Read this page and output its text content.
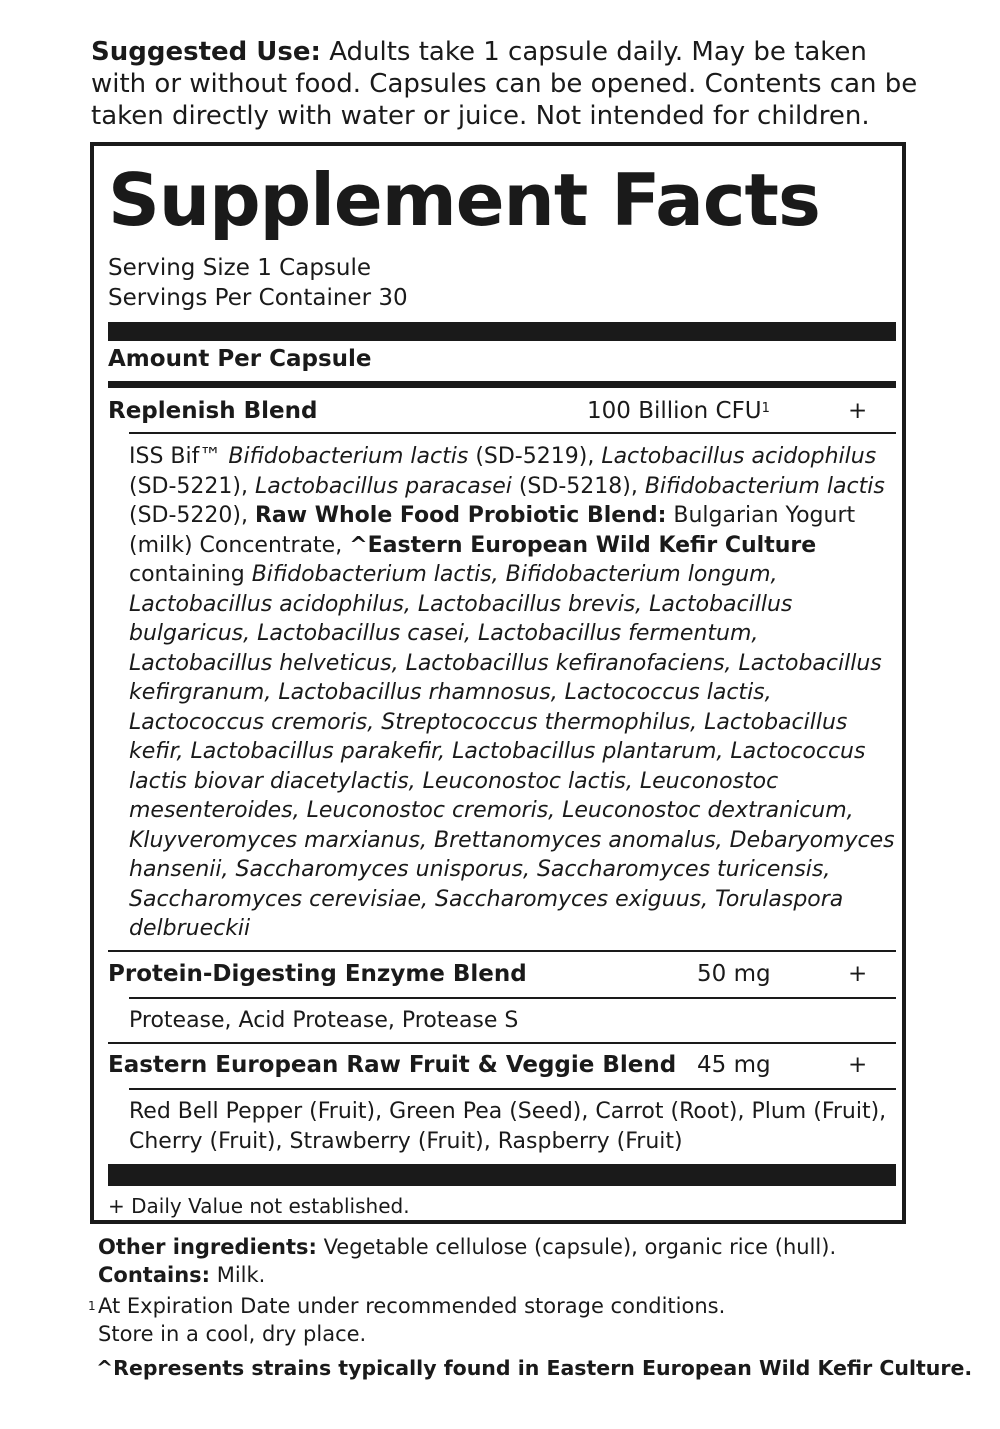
Suggested Use: Adults take 1 capsule daily. May be taken with or without food. Capsules can be opened. Contents can be taken directly with water or juice. Not intended for children.
Supplement Facts
Serving Size 1 Capsule
Servings Per Container 30
Amount Per Capsule
Replenish Blend	100 Billion $CFU^1$	+
ISS Bif™ Bifidobacterium lactis (SD-5219), Lactobacillus acidophilus (SD-5221), Lactobacillus paracasei (SD-5218), Bifidobacterium lactis (SD-5220), Raw Whole Food Probiotic Blend: Bulgarian Yogurt (milk) Concentrate, ^Eastern European Wild Kefir Culture containing Bifidobacterium lactis, Bifidobacterium longum, Lactobacillus acidophilus, Lactobacillus brevis, Lactobacillus bulgaricus, Lactobacillus casei, Lactobacillus fermentum, Lactobacillus helveticus, Lactobacillus kefiranofaciens, Lactobacillus kefirgranum, Lactobacillus rhamnosus, Lactococcus lactis, Lactococcus cremoris, Streptococcus thermophilus, Lactobacillus kefir, Lactobacillus parakefir, Lactobacillus plantarum, Lactococcus lactis biovar diacetylactis, Leuconostoc lactis, Leuconostoc mesenteroides, Leuconostoc cremoris, Leuconostoc dextranicum, Kluyveromyces marxianus, Brettanomyces anomalus, Debaryomyces hansenii, Saccharomyces unisporus, Saccharomyces turicensis, Saccharomyces cerevisiae, Saccharomyces exiguus, Torulaspora delbrueckii
Protein-Digesting Enzyme Blend	50 mg	+
Protease, Acid Protease, Protease S
Eastern European Raw Fruit & Veggie Blend 45 mg	+
Red Bell Pepper (Fruit), Green Pea (Seed), Carrot (Root), Plum (Fruit), Cherry (Fruit), Strawberry (Fruit), Raspberry (Fruit)
+ Daily Value not established.
Other ingredients: Vegetable cellulose (capsule), organic rice (hull).
Contains: Milk.
1 At Expiration Date under recommended storage conditions.
Store in a cool, dry place.
^Represents strains typically found in Eastern European Wild Kefir Culture.
